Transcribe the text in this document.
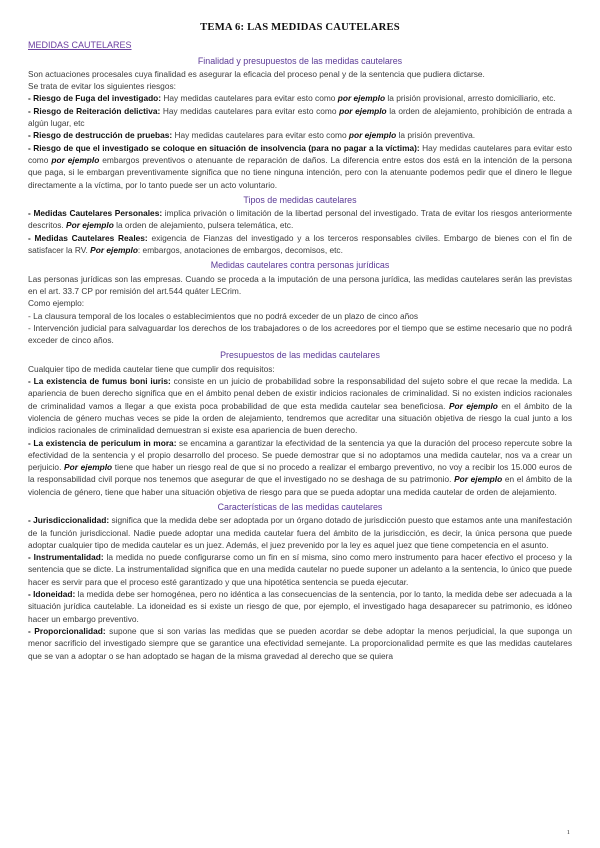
TEMA 6: LAS MEDIDAS CAUTELARES

MEDIDAS CAUTELARES

Finalidad y presupuestos de las medidas cautelares

Son actuaciones procesales cuya finalidad es asegurar la eficacia del proceso penal y de la sentencia que pudiera dictarse.

Se trata de evitar los siguientes riesgos:

- Riesgo de Fuga del investigado: Hay medidas cautelares para evitar esto como por ejemplo la prisión provisional, arresto domiciliario, etc.

- Riesgo de Reiteración delictiva: Hay medidas cautelares para evitar esto como por ejemplo la orden de alejamiento, prohibición de entrada a algún lugar, etc

- Riesgo de destrucción de pruebas: Hay medidas cautelares para evitar esto como por ejemplo la prisión preventiva.

- Riesgo de que el investigado se coloque en situación de insolvencia (para no pagar a la víctima): Hay medidas cautelares para evitar esto como por ejemplo embargos preventivos o atenuante de reparación de daños. La diferencia entre estos dos está en la intención de la persona que paga, si le embargan preventivamente significa que no tiene ninguna intención, pero con la atenuante podemos pedir que el dinero le llegue directamente a la víctima, por lo tanto puede ser un acto voluntario.

Tipos de medidas cautelares

- Medidas Cautelares Personales: implica privación o limitación de la libertad personal del investigado. Trata de evitar los riesgos anteriormente descritos. Por ejemplo la orden de alejamiento, pulsera telemática, etc.

- Medidas Cautelares Reales: exigencia de Fianzas del investigado y a los terceros responsables civiles. Embargo de bienes con el fin de satisfacer la RV. Por ejemplo: embargos, anotaciones de embargos, decomisos, etc.

Medidas cautelares contra personas jurídicas

Las personas jurídicas son las empresas. Cuando se proceda a la imputación de una persona jurídica, las medidas cautelares serán las previstas en el art. 33.7 CP por remisión del art.544 quáter LECrim.

Como ejemplo:

- La clausura temporal de los locales o establecimientos que no podrá exceder de un plazo de cinco años

- Intervención judicial para salvaguardar los derechos de los trabajadores o de los acreedores por el tiempo que se estime necesario que no podrá exceder de cinco años.

Presupuestos de las medidas cautelares

Cualquier tipo de medida cautelar tiene que cumplir dos requisitos:

- La existencia de fumus boni iuris: consiste en un juicio de probabilidad sobre la responsabilidad del sujeto sobre el que recae la medida. La apariencia de buen derecho significa que en el ámbito penal deben de existir indicios racionales de criminalidad. Si no existen indicios racionales de criminalidad vamos a llegar a que exista poca probabilidad de que esta medida cautelar sea beneficiosa. Por ejemplo en el ámbito de la violencia de género muchas veces se pide la orden de alejamiento, tendremos que acreditar una situación objetiva de riesgo la cual junto a los indicios racionales de criminalidad demuestran si existe esa apariencia de buen derecho.

- La existencia de periculum in mora: se encamina a garantizar la efectividad de la sentencia ya que la duración del proceso repercute sobre la efectividad de la sentencia y el propio desarrollo del proceso. Se puede demostrar que si no adoptamos una medida cautelar, nos va a crear un perjuicio. Por ejemplo tiene que haber un riesgo real de que si no procedo a realizar el embargo preventivo, no voy a recibir los 15.000 euros de la responsabilidad civil porque nos tenemos que asegurar de que el investigado no se deshaga de su patrimonio. Por ejemplo en el ámbito de la violencia de género, tiene que haber una situación objetiva de riesgo para que se pueda adoptar una medida cautelar de orden de alejamiento.

Características de las medidas cautelares

- Jurisdiccionalidad: significa que la medida debe ser adoptada por un órgano dotado de jurisdicción puesto que estamos ante una manifestación de la función jurisdiccional. Nadie puede adoptar una medida cautelar fuera del ámbito de la jurisdicción, es decir, la única persona que puede adoptar cualquier tipo de medida cautelar es un juez. Además, el juez prevenido por la ley es aquel juez que tiene competencia en el asunto.

- Instrumentalidad: la medida no puede configurarse como un fin en sí misma, sino como mero instrumento para hacer efectivo el proceso y la sentencia que se dicte. La instrumentalidad significa que en una medida cautelar no puede suponer un adelanto a la sentencia, lo único que puede hacer es servir para que el proceso esté garantizado y que una hipotética sentencia se pueda ejecutar.

- Idoneidad: la medida debe ser homogénea, pero no idéntica a las consecuencias de la sentencia, por lo tanto, la medida debe ser adecuada a la situación jurídica cautelable. La idoneidad es si existe un riesgo de que, por ejemplo, el investigado haga desaparecer su patrimonio, es idóneo hacer un embargo preventivo.

- Proporcionalidad: supone que si son varias las medidas que se pueden acordar se debe adoptar la menos perjudicial, la que suponga un menor sacrificio del investigado siempre que se garantice una efectividad semejante. La proporcionalidad permite es que las medidas cautelares que se van a adoptar o se han adoptado se hagan de la misma gravedad al derecho que se quiera

1
